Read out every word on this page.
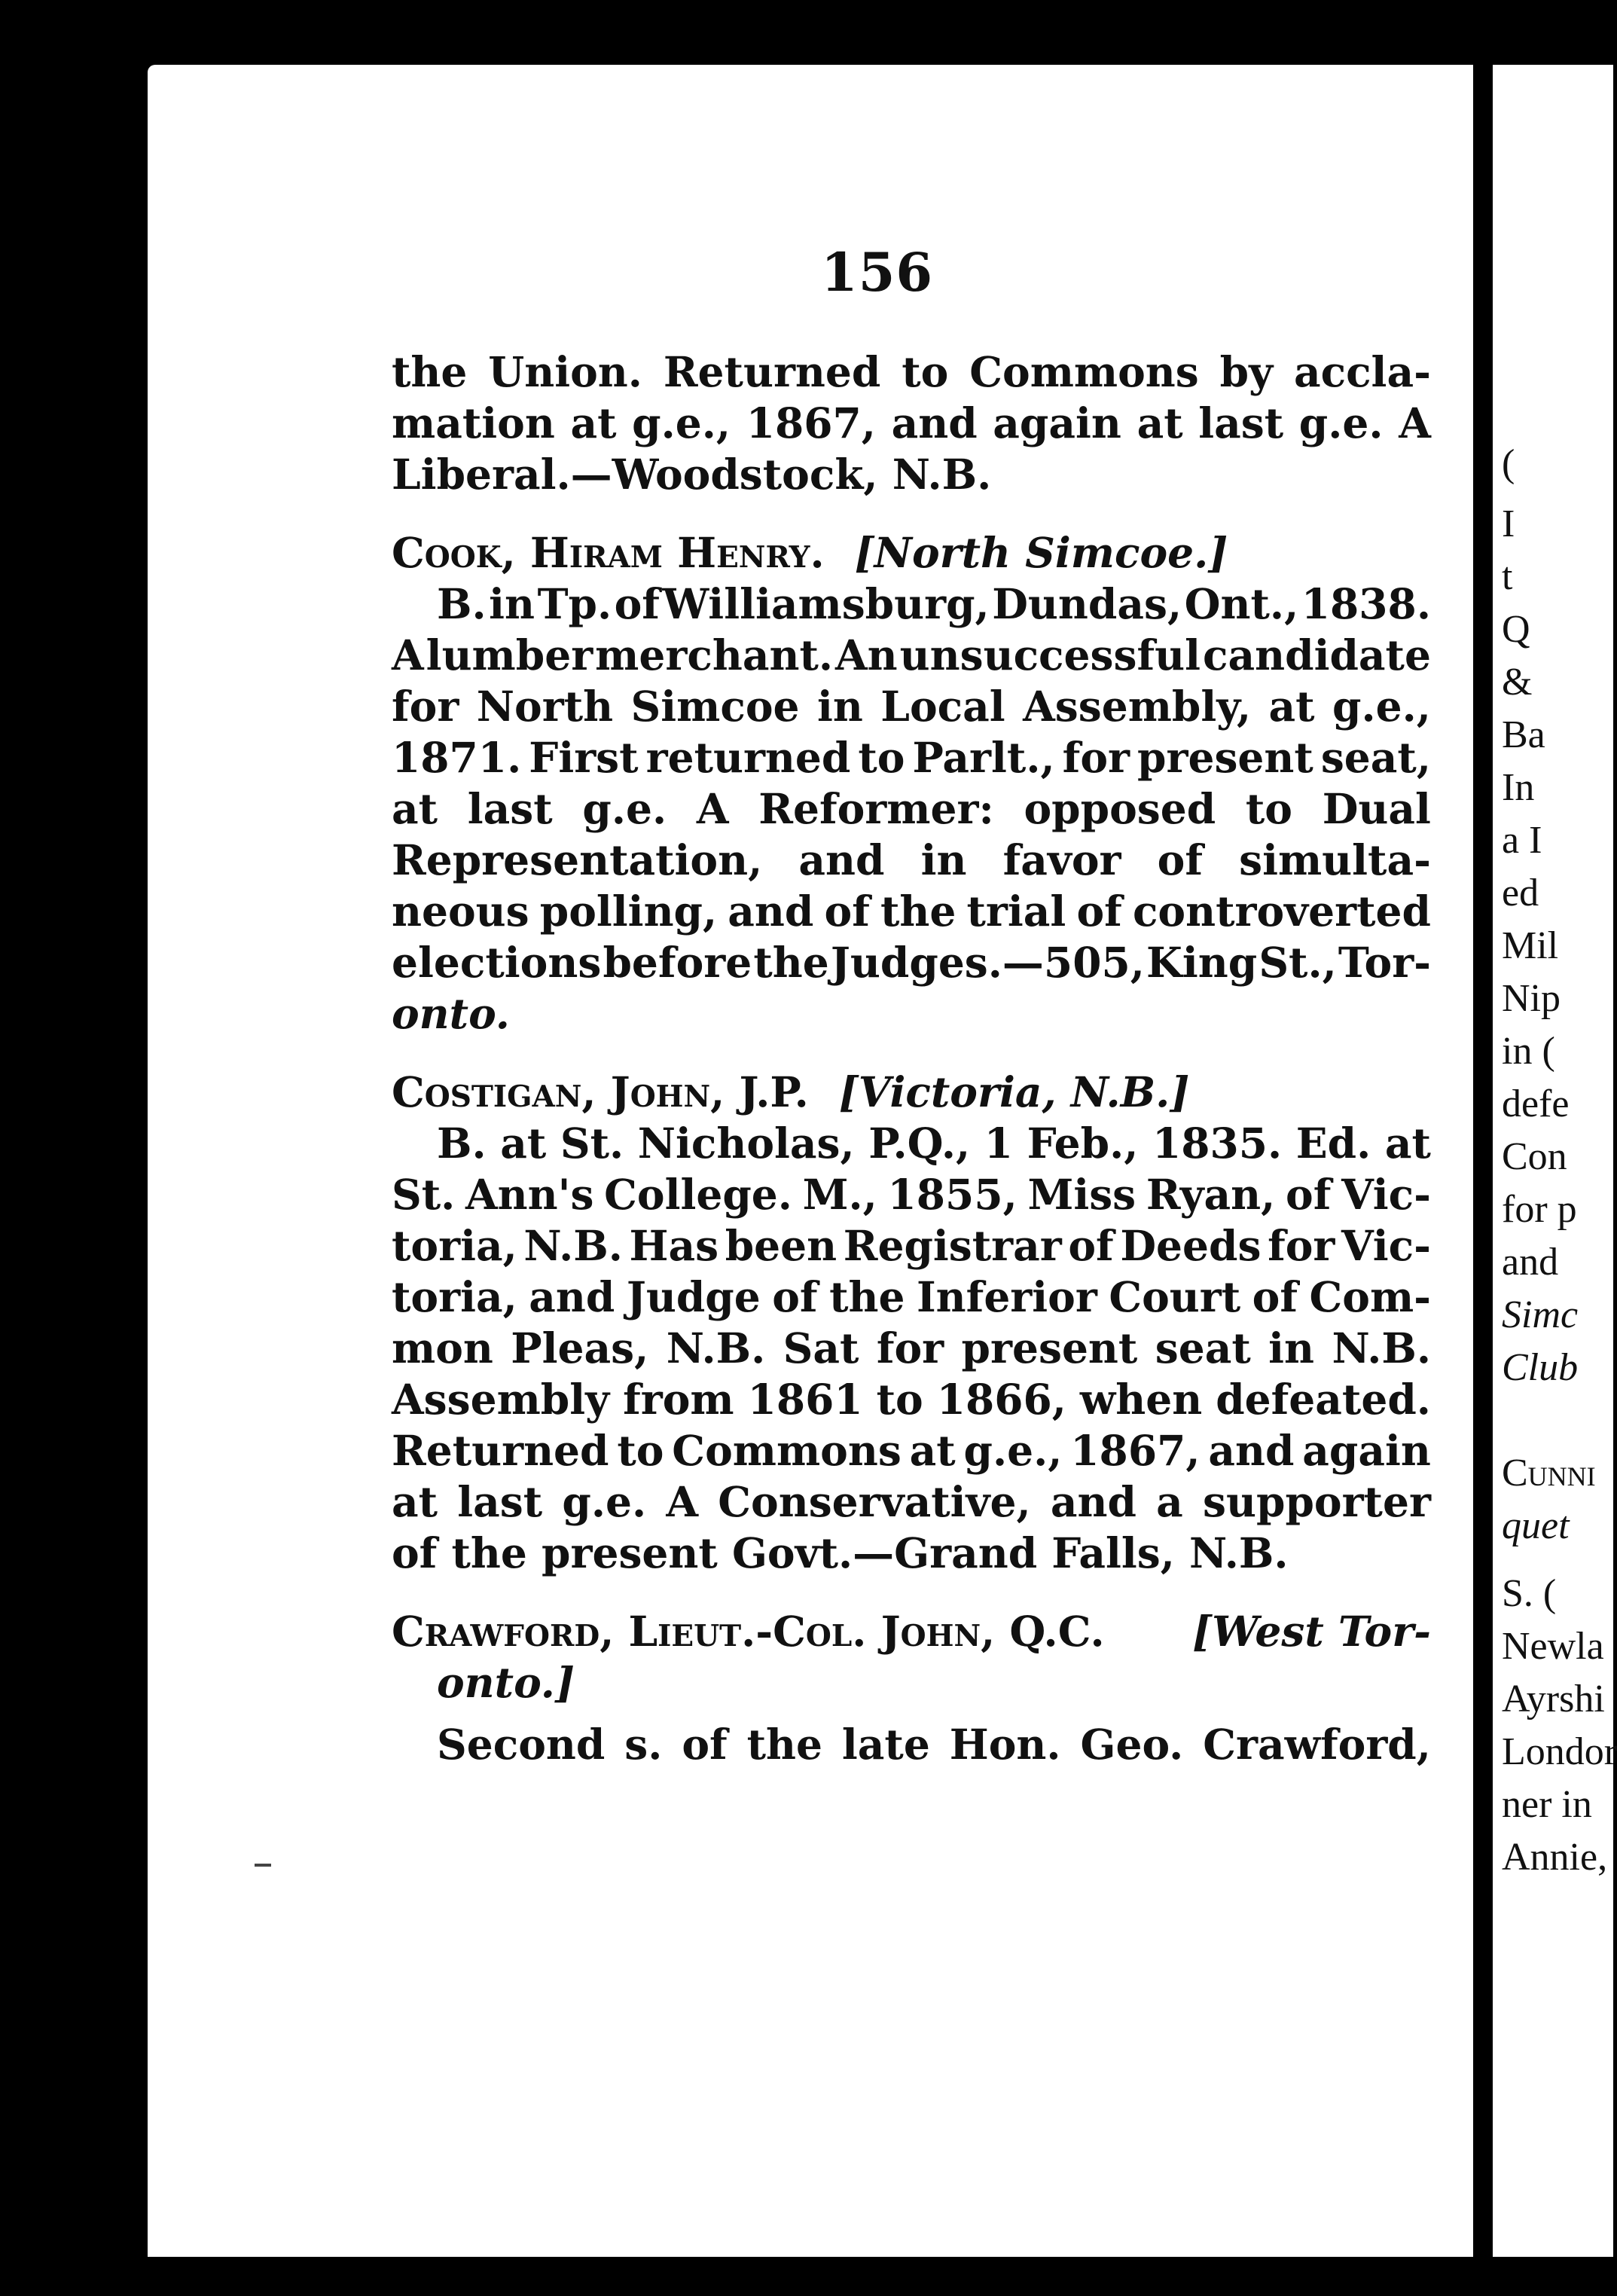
(
I
t
Q
&
Ba
In
a I
ed
Mil
Nip
in (
defe
Con
for p
and
Simc
Club
Cunni
quet
S. (
Newla
Ayrshi
Londor
ner in
Annie,
156
the Union. Returned to Commons by accla-
mation at g.e., 1867, and again at last g.e. A
Liberal.—Woodstock, N.B.
Cook, Hiram Henry. [North Simcoe.]
B. in Tp. of Williamsburg, Dundas, Ont., 1838.
A lumber merchant. An unsuccessful candidate
for North Simcoe in Local Assembly, at g.e.,
1871. First returned to Parlt., for present seat,
at last g.e. A Reformer: opposed to Dual
Representation, and in favor of simulta-
neous polling, and of the trial of controverted
elections before the Judges.—505, King St., Tor-
onto.
Costigan, John, J.P. [Victoria, N.B.]
B. at St. Nicholas, P.Q., 1 Feb., 1835. Ed. at
St. Ann's College. M., 1855, Miss Ryan, of Vic-
toria, N.B. Has been Registrar of Deeds for Vic-
toria, and Judge of the Inferior Court of Com-
mon Pleas, N.B. Sat for present seat in N.B.
Assembly from 1861 to 1866, when defeated.
Returned to Commons at g.e., 1867, and again
at last g.e. A Conservative, and a supporter
of the present Govt.—Grand Falls, N.B.
Crawford, Lieut.-Col. John, Q.C. [West Tor-
onto.]
Second s. of the late Hon. Geo. Crawford,
